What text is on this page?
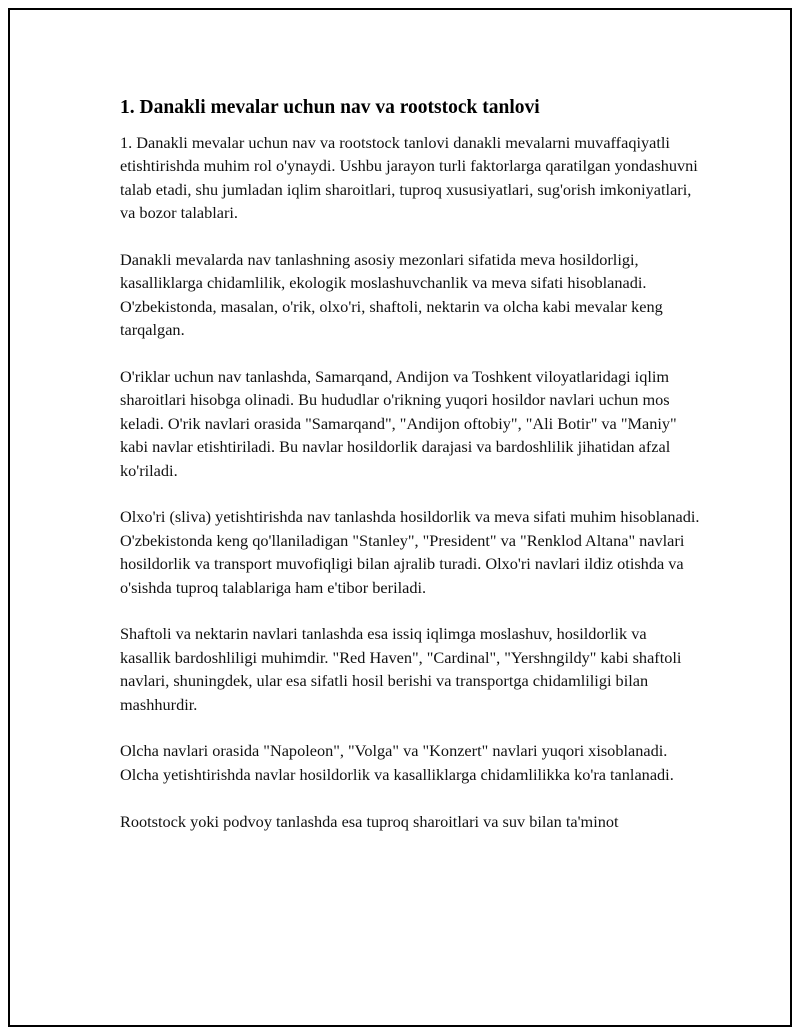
1. Danakli mevalar uchun nav va rootstock tanlovi

1. Danakli mevalar uchun nav va rootstock tanlovi danakli mevalarni muvaffaqiyatli etishtirishda muhim rol o'ynaydi. Ushbu jarayon turli faktorlarga qaratilgan yondashuvni talab etadi, shu jumladan iqlim sharoitlari, tuproq xususiyatlari, sug'orish imkoniyatlari, va bozor talablari.

Danakli mevalarda nav tanlashning asosiy mezonlari sifatida meva hosildorligi, kasalliklarga chidamlilik, ekologik moslashuvchanlik va meva sifati hisoblanadi. O'zbekistonda, masalan, o'rik, olxo'ri, shaftoli, nektarin va olcha kabi mevalar keng tarqalgan.

O'riklar uchun nav tanlashda, Samarqand, Andijon va Toshkent viloyatlaridagi iqlim sharoitlari hisobga olinadi. Bu hududlar o'rikning yuqori hosildor navlari uchun mos keladi. O'rik navlari orasida "Samarqand", "Andijon oftobiy", "Ali Botir" va "Maniy" kabi navlar etishtiriladi. Bu navlar hosildorlik darajasi va bardoshlilik jihatidan afzal ko'riladi.

Olxo'ri (sliva) yetishtirishda nav tanlashda hosildorlik va meva sifati muhim hisoblanadi. O'zbekistonda keng qo'llaniladigan "Stanley", "President" va "Renklod Altana" navlari hosildorlik va transport muvofiqligi bilan ajralib turadi. Olxo'ri navlari ildiz otishda va o'sishda tuproq talablariga ham e'tibor beriladi.

Shaftoli va nektarin navlari tanlashda esa issiq iqlimga moslashuv, hosildorlik va kasallik bardoshliligi muhimdir. "Red Haven", "Cardinal", "Yershngildy" kabi shaftoli navlari, shuningdek, ular esa sifatli hosil berishi va transportga chidamliligi bilan mashhurdir.

Olcha navlari orasida "Napoleon", "Volga" va "Konzert" navlari yuqori xisoblanadi. Olcha yetishtirishda navlar hosildorlik va kasalliklarga chidamlilikka ko'ra tanlanadi.

Rootstock yoki podvoy tanlashda esa tuproq sharoitlari va suv bilan ta'minot
